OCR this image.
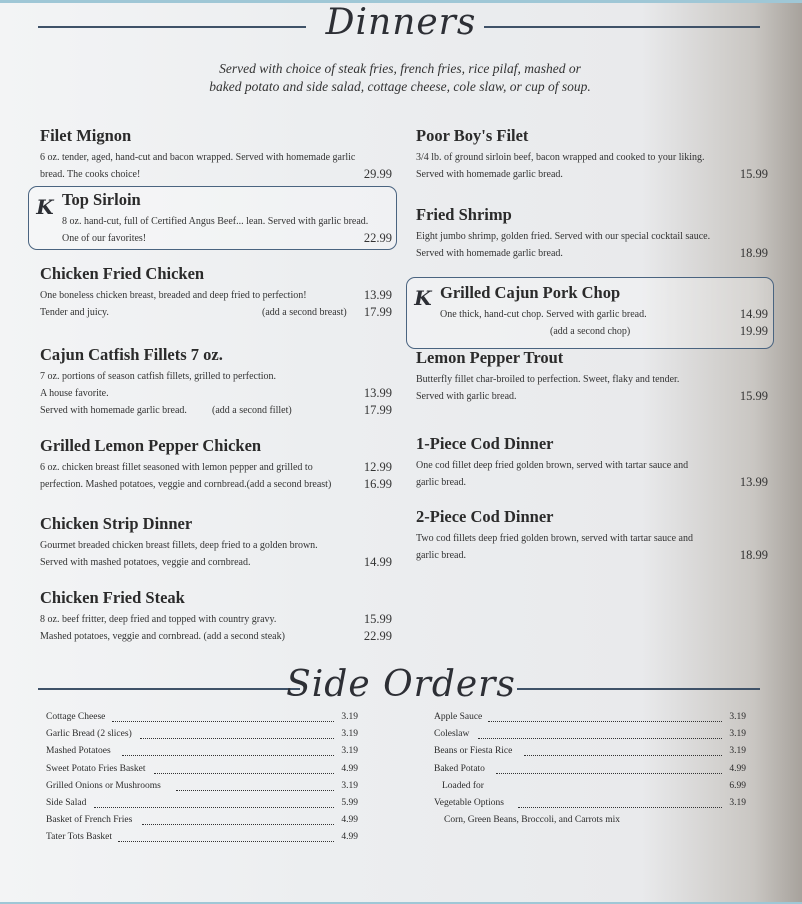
Dinners
Served with choice of steak fries, french fries, rice pilaf, mashed or
baked potato and side salad, cottage cheese, cole slaw, or cup of soup.
Filet Mignon
6 oz. tender, aged, hand-cut and bacon wrapped. Served with homemade garlic
bread. The cooks choice!	29.99
K Top Sirloin
8 oz. hand-cut, full of Certified Angus Beef... lean. Served with garlic bread.
One of our favorites!	22.99
Chicken Fried Chicken
One boneless chicken breast, breaded and deep fried to perfection!	13.99
Tender and juicy.	(add a second breast) 17.99
Cajun Catfish Fillets 7 oz.
7 oz. portions of season catfish fillets, grilled to perfection.
A house favorite.	13.99
Served with homemade garlic bread.	(add a second fillet)	17.99
Grilled Lemon Pepper Chicken
6 oz. chicken breast fillet seasoned with lemon pepper and grilled to	12.99
perfection. Mashed potatoes, veggie and cornbread.(add a second breast)	16.99
Chicken Strip Dinner
Gourmet breaded chicken breast fillets, deep fried to a golden brown.
Served with mashed potatoes, veggie and cornbread.	14.99
Chicken Fried Steak
8 oz. beef fritter, deep fried and topped with country gravy.	15.99
Mashed potatoes, veggie and cornbread. (add a second steak)	22.99
Poor Boy's Filet
3/4 lb. of ground sirloin beef, bacon wrapped and cooked to your liking.
Served with homemade garlic bread.	15.99
Fried Shrimp
Eight jumbo shrimp, golden fried. Served with our special cocktail sauce.
Served with homemade garlic bread.	18.99
K Grilled Cajun Pork Chop
One thick, hand-cut chop. Served with garlic bread.	14.99
(add a second chop)	19.99
Lemon Pepper Trout
Butterfly fillet char-broiled to perfection. Sweet, flaky and tender.
Served with garlic bread.	15.99
1-Piece Cod Dinner
One cod fillet deep fried golden brown, served with tartar sauce and
garlic bread.	13.99
2-Piece Cod Dinner
Two cod fillets deep fried golden brown, served with tartar sauce and
garlic bread.	18.99
Side Orders
Cottage Cheese	3.19
Garlic Bread (2 slices)	3.19
Mashed Potatoes	3.19
Sweet Potato Fries Basket	4.99
Grilled Onions or Mushrooms	3.19
Side Salad	5.99
Basket of French Fries	4.99
Tater Tots Basket	4.99
Apple Sauce	3.19
Coleslaw	3.19
Beans or Fiesta Rice	3.19
Baked Potato	4.99
Loaded for	6.99
Vegetable Options	3.19
Corn, Green Beans, Broccoli, and Carrots mix
